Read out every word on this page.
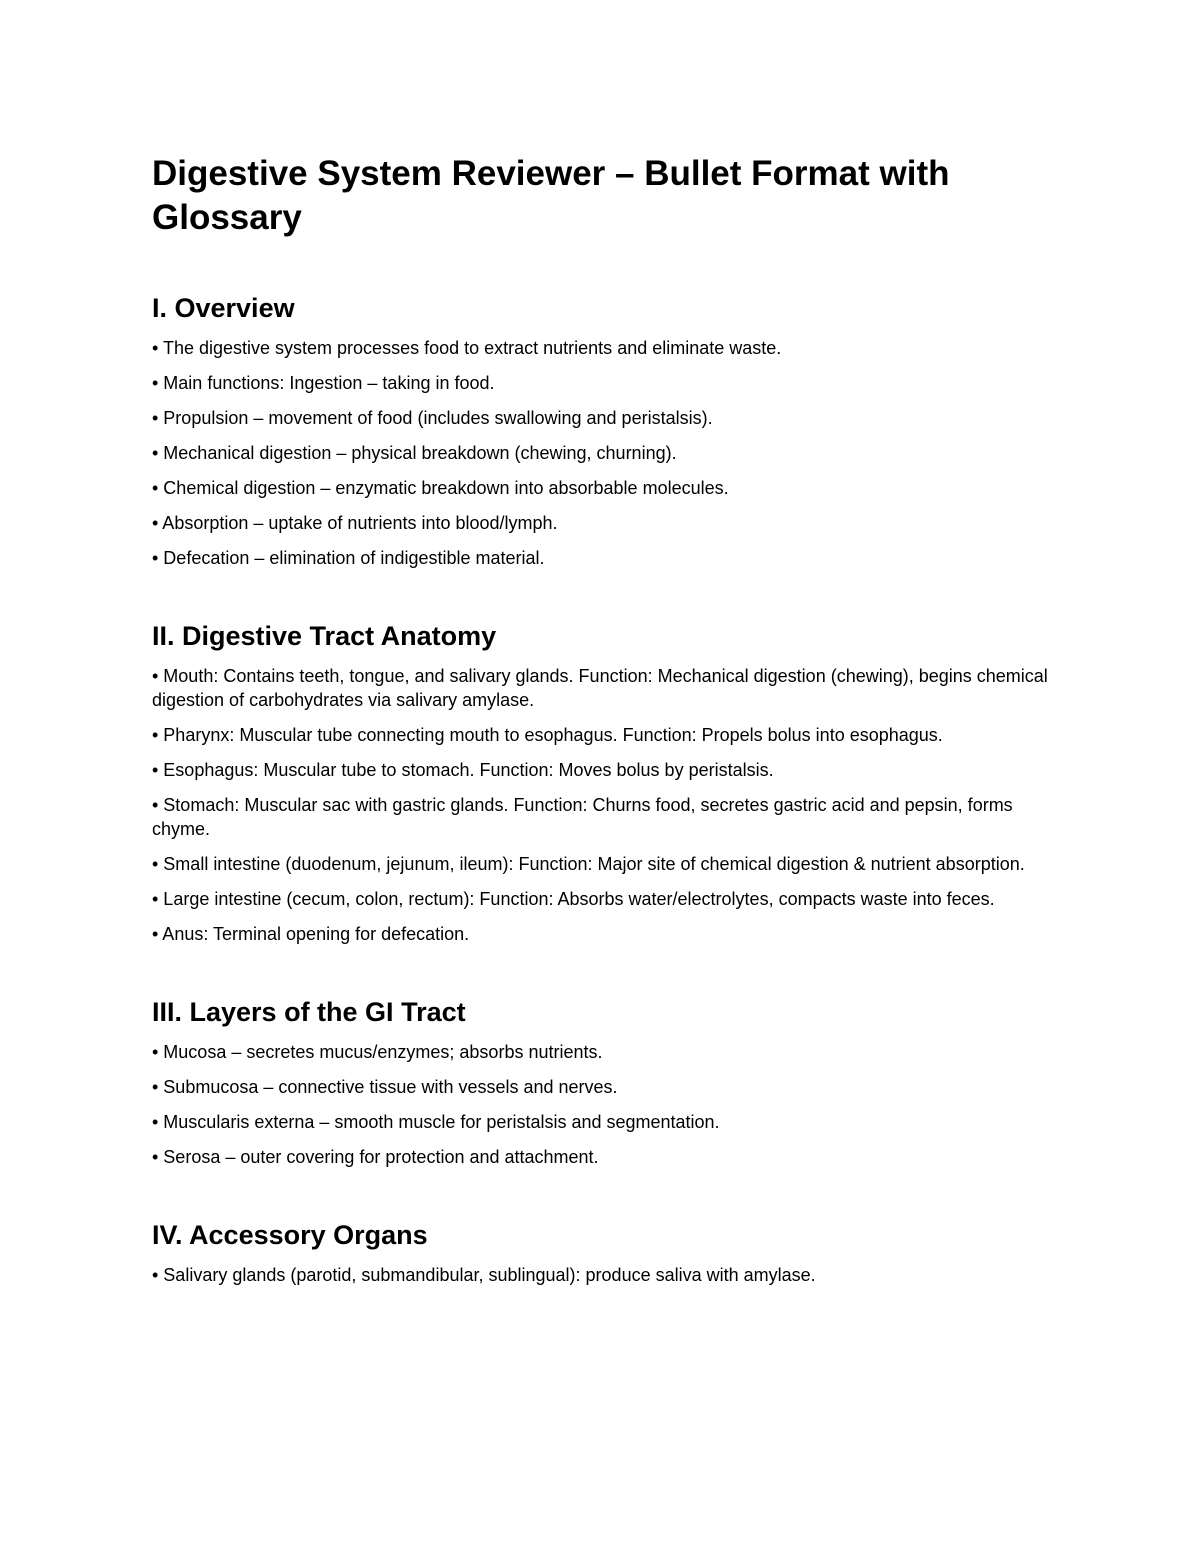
Digestive System Reviewer – Bullet Format with Glossary
I. Overview

• The digestive system processes food to extract nutrients and eliminate waste.

• Main functions: Ingestion – taking in food.

• Propulsion – movement of food (includes swallowing and peristalsis).

• Mechanical digestion – physical breakdown (chewing, churning).

• Chemical digestion – enzymatic breakdown into absorbable molecules.

• Absorption – uptake of nutrients into blood/lymph.

• Defecation – elimination of indigestible material.

II. Digestive Tract Anatomy

• Mouth: Contains teeth, tongue, and salivary glands. Function: Mechanical digestion (chewing), begins chemical digestion of carbohydrates via salivary amylase.

• Pharynx: Muscular tube connecting mouth to esophagus. Function: Propels bolus into esophagus.

• Esophagus: Muscular tube to stomach. Function: Moves bolus by peristalsis.

• Stomach: Muscular sac with gastric glands. Function: Churns food, secretes gastric acid and pepsin, forms chyme.

• Small intestine (duodenum, jejunum, ileum): Function: Major site of chemical digestion & nutrient absorption.

• Large intestine (cecum, colon, rectum): Function: Absorbs water/electrolytes, compacts waste into feces.

• Anus: Terminal opening for defecation.

III. Layers of the GI Tract

• Mucosa – secretes mucus/enzymes; absorbs nutrients.

• Submucosa – connective tissue with vessels and nerves.

• Muscularis externa – smooth muscle for peristalsis and segmentation.

• Serosa – outer covering for protection and attachment.

IV. Accessory Organs

• Salivary glands (parotid, submandibular, sublingual): produce saliva with amylase.
